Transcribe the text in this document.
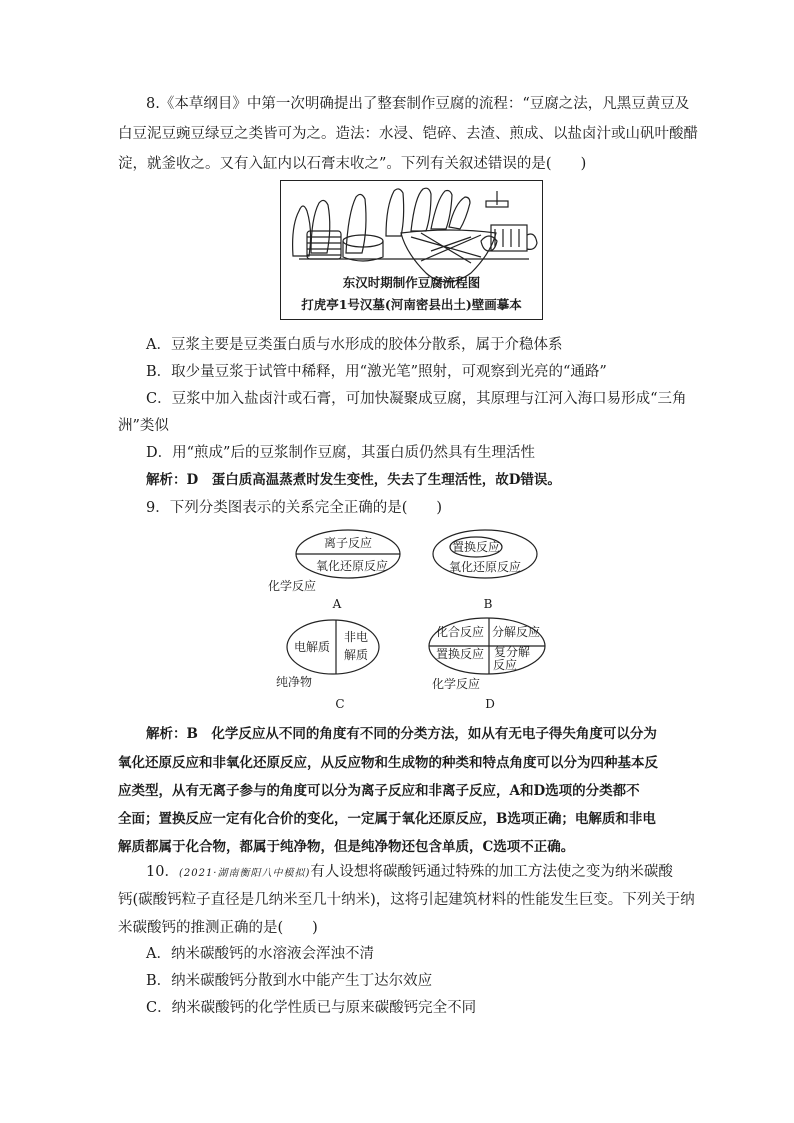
8.《本草纲目》中第一次明确提出了整套制作豆腐的流程：“豆腐之法，凡黑豆黄豆及
白豆泥豆豌豆绿豆之类皆可为之。造法：水浸、铠碎、去渣、煎成、以盐卤汁或山矾叶酸醋
淀，就釜收之。又有入缸内以石膏末收之”。下列有关叙述错误的是(　　)
东汉时期制作豆腐流程图
打虎亭1号汉墓(河南密县出土)壁画摹本
A．豆浆主要是豆类蛋白质与水形成的胶体分散系，属于介稳体系
B．取少量豆浆于试管中稀释，用“激光笔”照射，可观察到光亮的“通路”
C．豆浆中加入盐卤汁或石膏，可加快凝聚成豆腐，其原理与江河入海口易形成“三角
洲”类似
D．用“煎成”后的豆浆制作豆腐，其蛋白质仍然具有生理活性
解析：D　蛋白质高温蒸煮时发生变性，失去了生理活性，故D错误。
9．下列分类图表示的关系完全正确的是(　　)
离子反应
氧化还原反应
化学反应
A
置换反应
氧化还原反应
B
电解质
非电
解质
纯净物
C
化合反应 分解反应
置换反应 复分解
反应
化学反应
D
解析：B　化学反应从不同的角度有不同的分类方法，如从有无电子得失角度可以分为
氧化还原反应和非氧化还原反应，从反应物和生成物的种类和特点角度可以分为四种基本反
应类型，从有无离子参与的角度可以分为离子反应和非离子反应，A和D选项的分类都不
全面；置换反应一定有化合价的变化，一定属于氧化还原反应，B选项正确；电解质和非电
解质都属于化合物，都属于纯净物，但是纯净物还包含单质，C选项不正确。
10．(2021·湖南衡阳八中模拟)有人设想将碳酸钙通过特殊的加工方法使之变为纳米碳酸
钙(碳酸钙粒子直径是几纳米至几十纳米)，这将引起建筑材料的性能发生巨变。下列关于纳
米碳酸钙的推测正确的是(　　)
A．纳米碳酸钙的水溶液会浑浊不清
B．纳米碳酸钙分散到水中能产生丁达尔效应
C．纳米碳酸钙的化学性质已与原来碳酸钙完全不同
